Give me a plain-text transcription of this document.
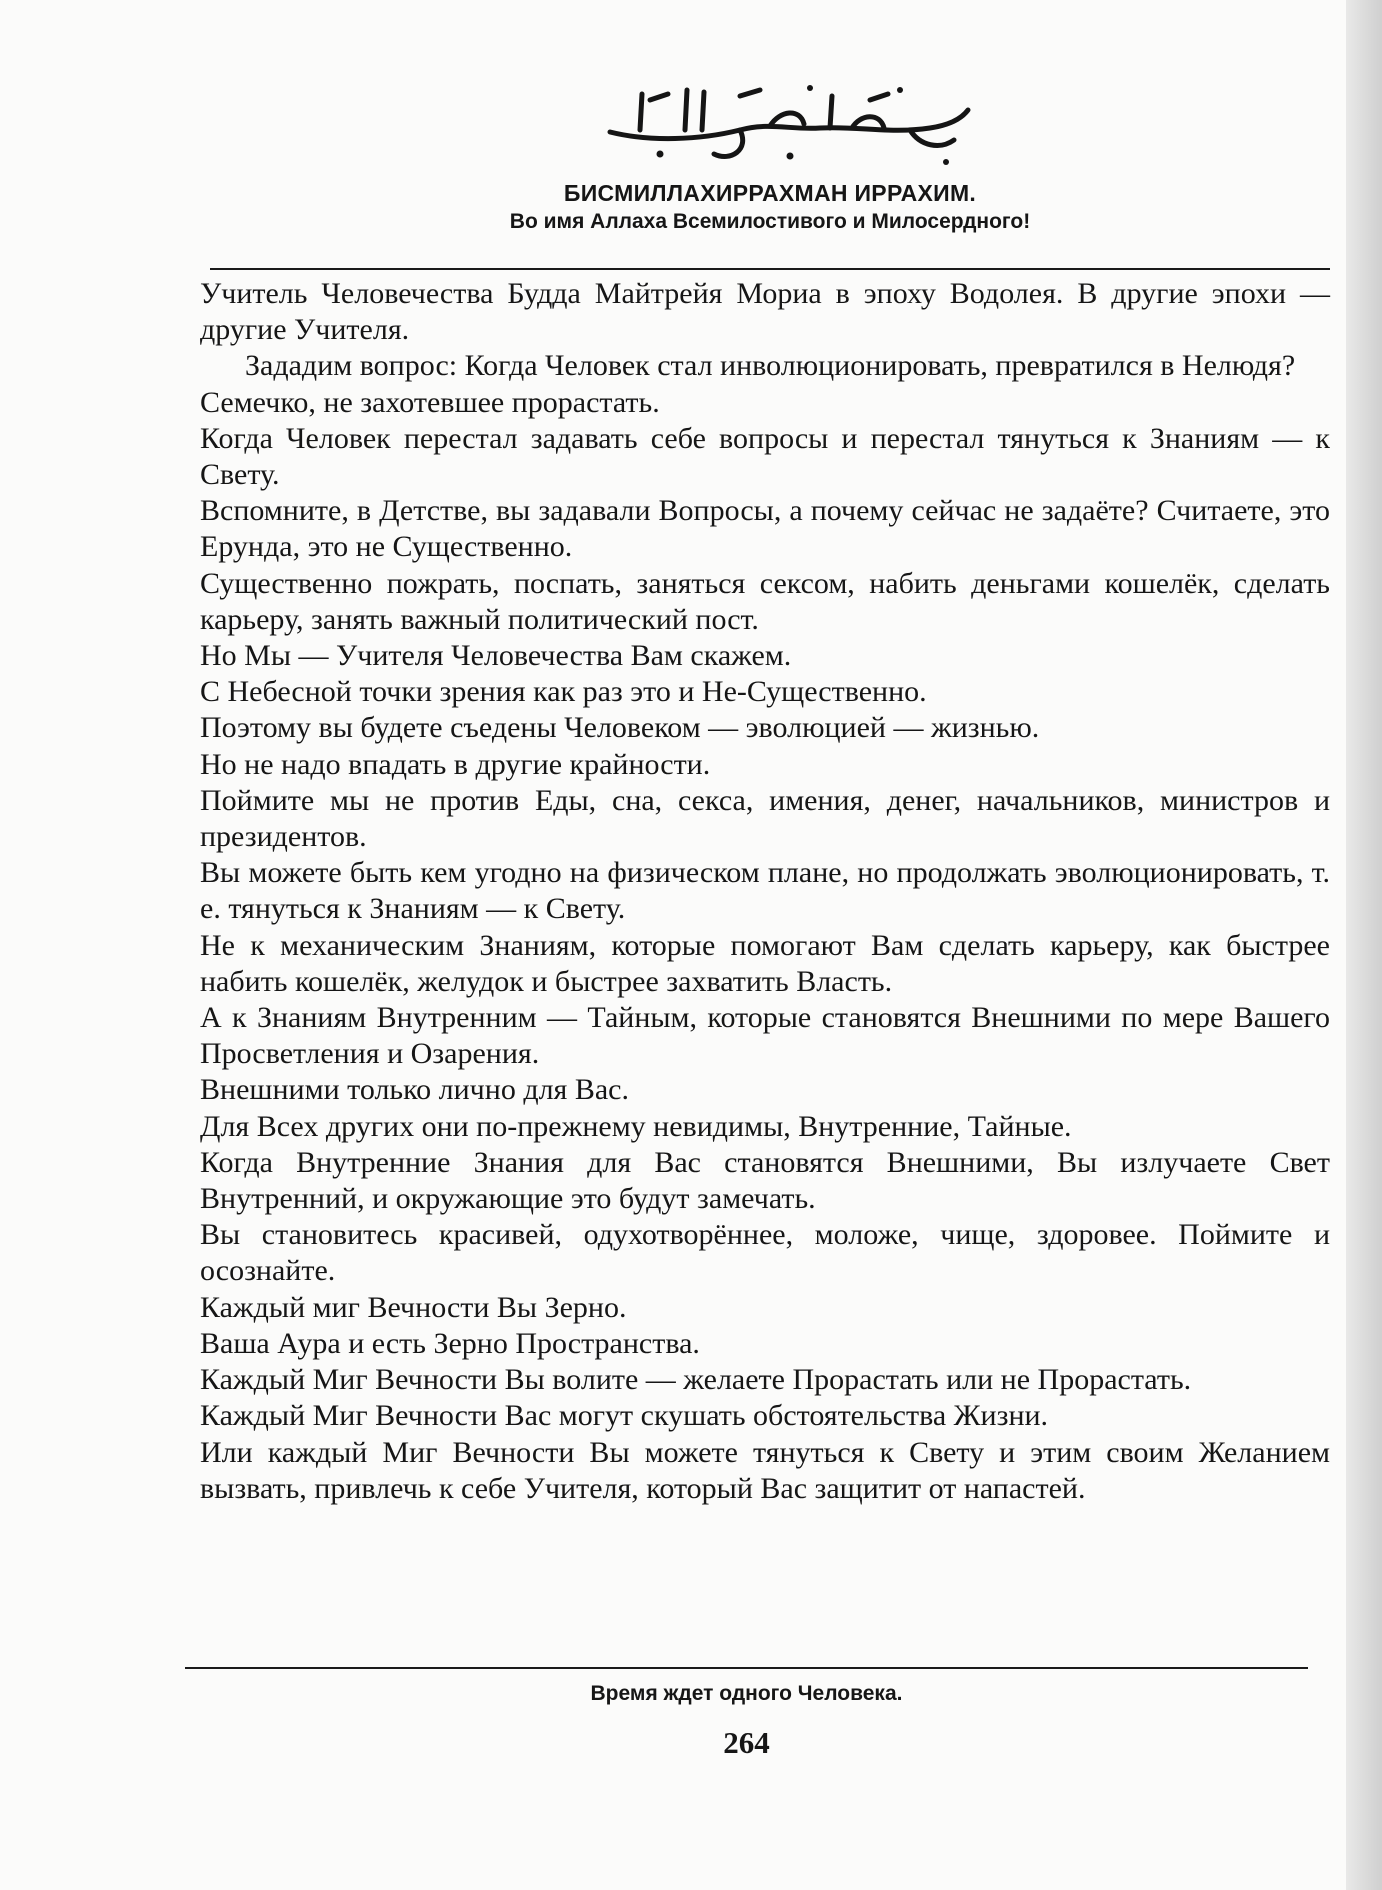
БИСМИЛЛАХИРРАХМАН ИРРАХИМ.
Во имя Аллаха Всемилостивого и Милосердного!

Учитель Человечества Будда Майтрейя Мориа в эпоху Водолея. В другие эпохи — другие Учителя.

Зададим вопрос: Когда Человек стал инволюционировать, превратился в Нелюдя?

Семечко, не захотевшее прорастать.

Когда Человек перестал задавать себе вопросы и перестал тянуться к Знаниям — к Свету.

Вспомните, в Детстве, вы задавали Вопросы, а почему сейчас не задаёте? Считаете, это Ерунда, это не Существенно.

Существенно пожрать, поспать, заняться сексом, набить деньгами кошелёк, сделать карьеру, занять важный политический пост.

Но Мы — Учителя Человечества Вам скажем.

С Небесной точки зрения как раз это и Не-Существенно.

Поэтому вы будете съедены Человеком — эволюцией — жизнью.

Но не надо впадать в другие крайности.

Поймите мы не против Еды, сна, секса, имения, денег, начальников, министров и президентов.

Вы можете быть кем угодно на физическом плане, но продолжать эволюционировать, т. е. тянуться к Знаниям — к Свету.

Не к механическим Знаниям, которые помогают Вам сделать карьеру, как быстрее набить кошелёк, желудок и быстрее захватить Власть.

А к Знаниям Внутренним — Тайным, которые становятся Внешними по мере Вашего Просветления и Озарения.

Внешними только лично для Вас.

Для Всех других они по-прежнему невидимы, Внутренние, Тайные.

Когда Внутренние Знания для Вас становятся Внешними, Вы излучаете Свет Внутренний, и окружающие это будут замечать.

Вы становитесь красивей, одухотворённее, моложе, чище, здоровее. Поймите и осознайте.

Каждый миг Вечности Вы Зерно.

Ваша Аура и есть Зерно Пространства.

Каждый Миг Вечности Вы волите — желаете Прорастать или не Прорастать.

Каждый Миг Вечности Вас могут скушать обстоятельства Жизни.

Или каждый Миг Вечности Вы можете тянуться к Свету и этим своим Желанием вызвать, привлечь к себе Учителя, который Вас защитит от напастей.

Время ждет одного Человека.
264
